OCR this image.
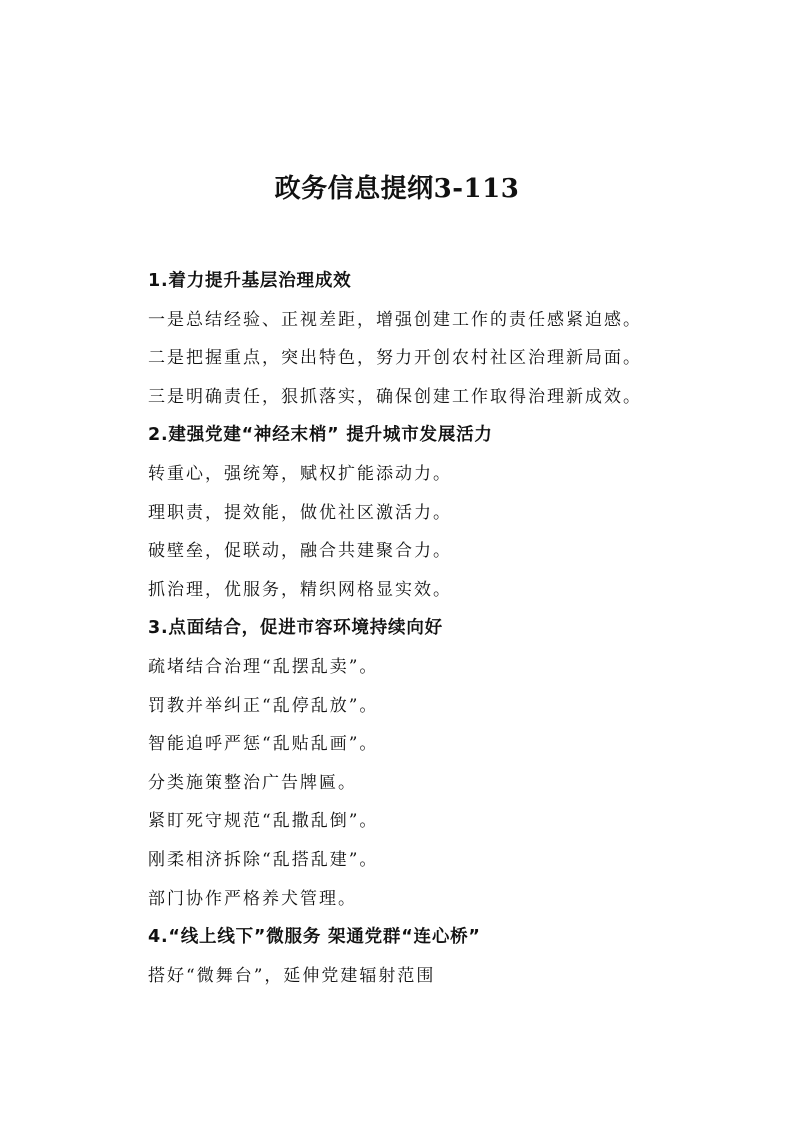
政务信息提纲3-113
1.着力提升基层治理成效
一是总结经验、正视差距，增强创建工作的责任感紧迫感。
二是把握重点，突出特色，努力开创农村社区治理新局面。
三是明确责任，狠抓落实，确保创建工作取得治理新成效。
2.建强党建“神经末梢” 提升城市发展活力
转重心，强统筹，赋权扩能添动力。
理职责，提效能，做优社区激活力。
破壁垒，促联动，融合共建聚合力。
抓治理，优服务，精织网格显实效。
3.点面结合，促进市容环境持续向好
疏堵结合治理“乱摆乱卖”。
罚教并举纠正“乱停乱放”。
智能追呼严惩“乱贴乱画”。
分类施策整治广告牌匾。
紧盯死守规范“乱撒乱倒”。
刚柔相济拆除“乱搭乱建”。
部门协作严格养犬管理。
4.“线上线下”微服务 架通党群“连心桥”
搭好“微舞台”，延伸党建辐射范围
